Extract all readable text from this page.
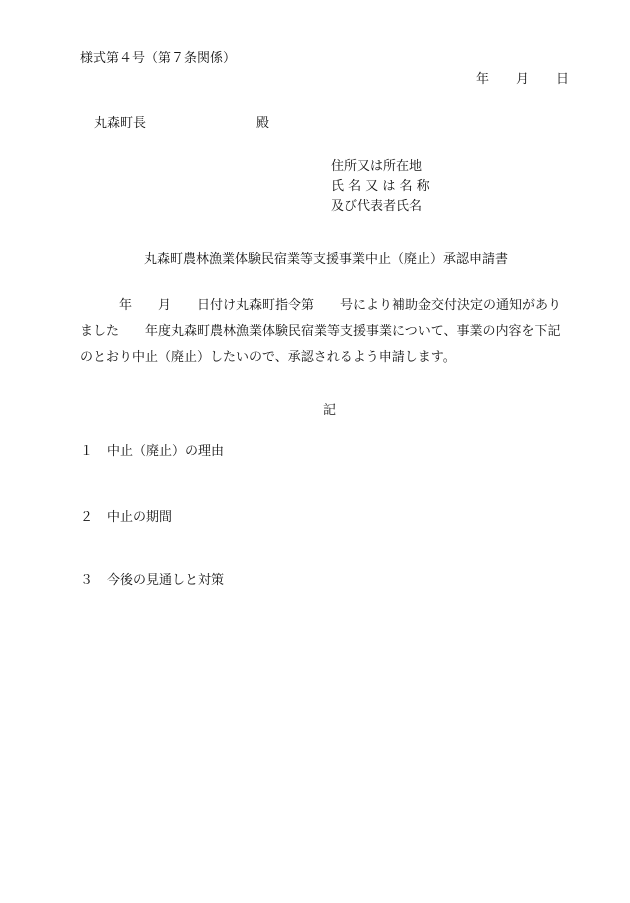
様式第４号（第７条関係）
年 月 日
丸森町長	殿
住所又は所在地
氏 名 又 は 名 称
及び代表者氏名
丸森町農林漁業体験民宿業等支援事業中止（廃止）承認申請書
　　　年　　月　　日付け丸森町指令第　　号により補助金交付決定の通知があり
ました　　年度丸森町農林漁業体験民宿業等支援事業について、事業の内容を下記
のとおり中止（廃止）したいので、承認されるよう申請します。
記
１ 中止（廃止）の理由
２ 中止の期間
３ 今後の見通しと対策
